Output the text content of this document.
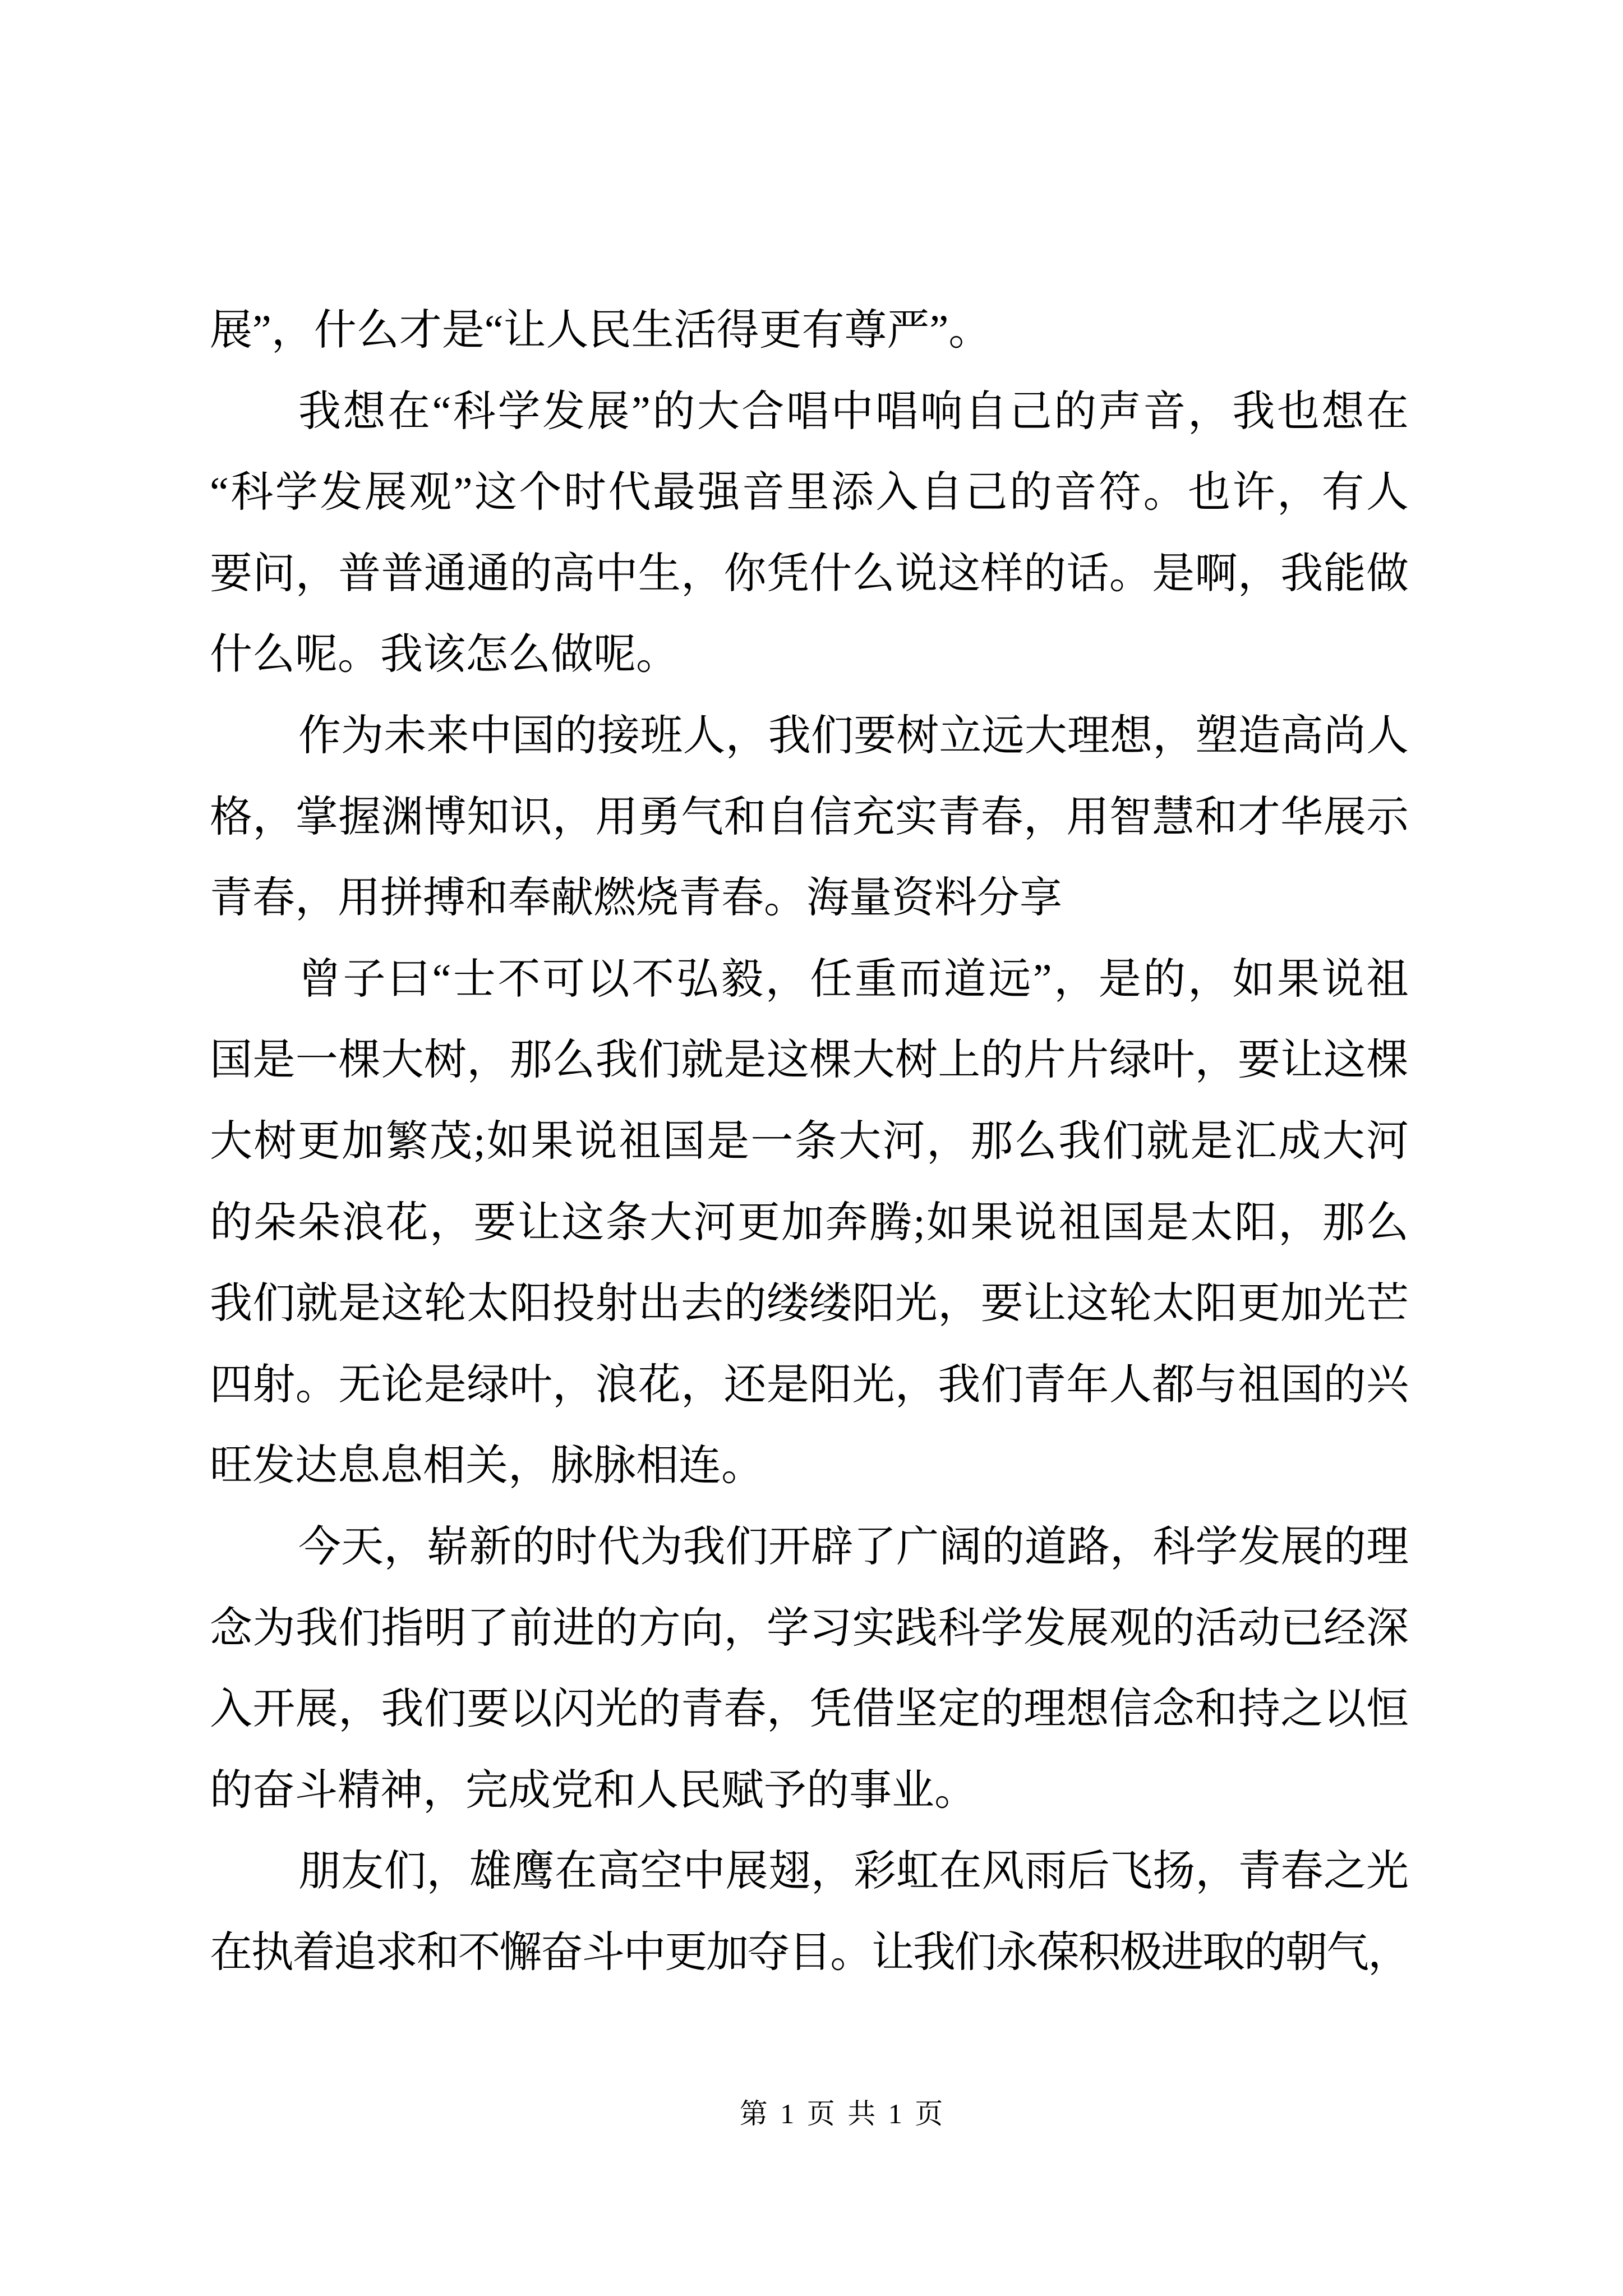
展”，什么才是“让人民生活得更有尊严”。
我想在“科学发展”的大合唱中唱响自己的声音，我也想在
“科学发展观”这个时代最强音里添入自己的音符。也许，有人
要问，普普通通的高中生，你凭什么说这样的话。是啊，我能做
什么呢。我该怎么做呢。
作为未来中国的接班人，我们要树立远大理想，塑造高尚人
格，掌握渊博知识，用勇气和自信充实青春，用智慧和才华展示
青春，用拼搏和奉献燃烧青春。海量资料分享
曾子曰“士不可以不弘毅，任重而道远”，是的，如果说祖
国是一棵大树，那么我们就是这棵大树上的片片绿叶，要让这棵
大树更加繁茂;如果说祖国是一条大河，那么我们就是汇成大河
的朵朵浪花，要让这条大河更加奔腾;如果说祖国是太阳，那么
我们就是这轮太阳投射出去的缕缕阳光，要让这轮太阳更加光芒
四射。无论是绿叶，浪花，还是阳光，我们青年人都与祖国的兴
旺发达息息相关，脉脉相连。
今天，崭新的时代为我们开辟了广阔的道路，科学发展的理
念为我们指明了前进的方向，学习实践科学发展观的活动已经深
入开展，我们要以闪光的青春，凭借坚定的理想信念和持之以恒
的奋斗精神，完成党和人民赋予的事业。
朋友们，雄鹰在高空中展翅，彩虹在风雨后飞扬，青春之光
在执着追求和不懈奋斗中更加夺目。让我们永葆积极进取的朝气，
第 1 页 共 1 页
